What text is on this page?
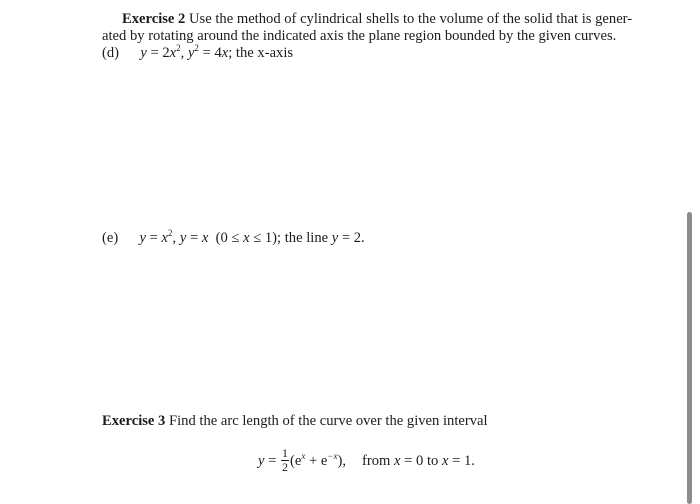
Exercise 2 Use the method of cylindrical shells to the volume of the solid that is gener-
ated by rotating around the indicated axis the plane region bounded by the given curves.
(d) $y = 2x^2$, $y^2 = 4x$; the x-axis
(e) $y = x^2$, y = x  (0 ≤ x ≤ 1); the line y = 2.
Exercise 3 Find the arc length of the curve over the given interval
$y = \frac{1}{2} (e^x + e^{-x})$, from x = 0 to x = 1.
